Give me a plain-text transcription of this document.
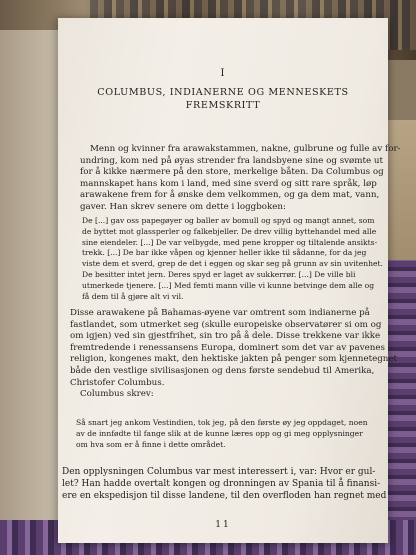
I
COLUMBUS, INDIANERNE OG MENNESKETS
FREMSKRITT
Menn og kvinner fra arawakstammen, nakne, gulbrune og fulle av for-
undring, kom ned på øyas strender fra landsbyene sine og svømte ut
for å kikke nærmere på den store, merkelige båten. Da Columbus og
mannskapet hans kom i land, med sine sverd og sitt rare språk, løp
arawakene frem for å ønske dem velkommen, og ga dem mat, vann,
gaver. Han skrev senere om dette i loggboken:
De [...] gav oss papegøyer og baller av bomull og spyd og mangt annet, som
de byttet mot glassperler og falkebjeller. De drev villig byttehandel med alle
sine eiendeler. [...] De var velbygde, med pene kropper og tiltalende ansikts-
trekk. [...] De bar ikke våpen og kjenner heller ikke til sådanne, for da jeg
viste dem et sverd, grep de det i eggen og skar seg på grunn av sin uvitenhet.
De besitter intet jern. Deres spyd er laget av sukkerrør. [...] De ville bli
utmerkede tjenere. [...] Med femti mann ville vi kunne betvinge dem alle og
få dem til å gjøre alt vi vil.
Disse arawakene på Bahamas-øyene var omtrent som indianerne på
fastlandet, som utmerket seg (skulle europeiske observatører si om og
om igjen) ved sin gjestfrihet, sin tro på å dele. Disse trekkene var ikke
fremtredende i renessansens Europa, dominert som det var av pavenes
religion, kongenes makt, den hektiske jakten på penger som kjennetegnet
både den vestlige sivilisasjonen og dens første sendebud til Amerika,
Christofer Columbus.
Columbus skrev:
Så snart jeg ankom Vestindien, tok jeg, på den første øy jeg oppdaget, noen
av de innfødte til fange slik at de kunne læres opp og gi meg opplysninger
om hva som er å finne i dette området.
Den opplysningen Columbus var mest interessert i, var: Hvor er gul-
let? Han hadde overtalt kongen og dronningen av Spania til å finansi-
ere en ekspedisjon til disse landene, til den overfloden han regnet med
11
